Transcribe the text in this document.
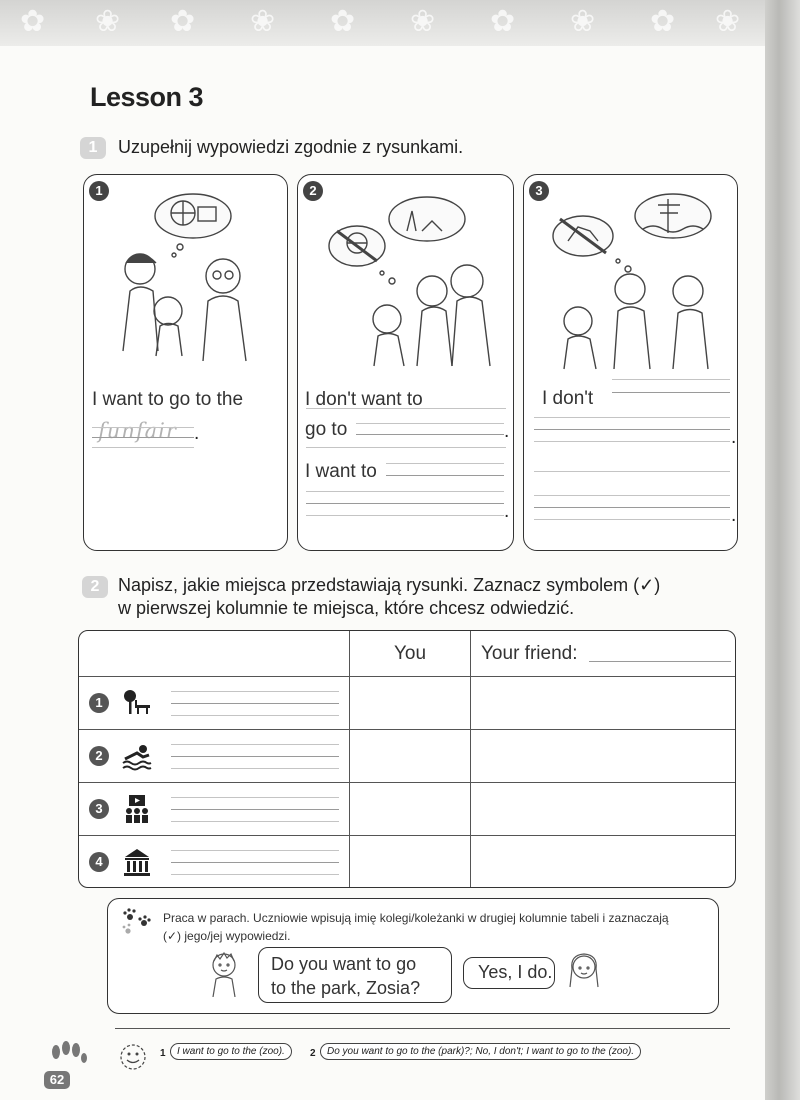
✿ ❀ ✿ ❀ ✿ ❀ ✿ ❀ ✿ ❀
Lesson 3
1	Uzupełnij wypowiedzi zgodnie z rysunkami.
1
I want to go to the
funfair .
2
I don't want to
go to	.
I want to
.
3
I don't
.
.
2	Napisz, jakie miejsca przedstawiają rysunki. Zaznacz symbolem (✓)
w pierwszej kolumnie te miejsca, które chcesz odwiedzić.
	You	Your friend:

1		

2		

3		

4		

Praca w parach. Uczniowie wpisują imię kolegi/koleżanki w drugiej kolumnie tabeli i zaznaczają
(✓) jego/jej wypowiedzi.
Do you want to go
to the park, Zosia?
Yes, I do.
62
1	I want to go to the (zoo).	2	Do you want to go to the (park)?; No, I don't; I want to go to the (zoo).
